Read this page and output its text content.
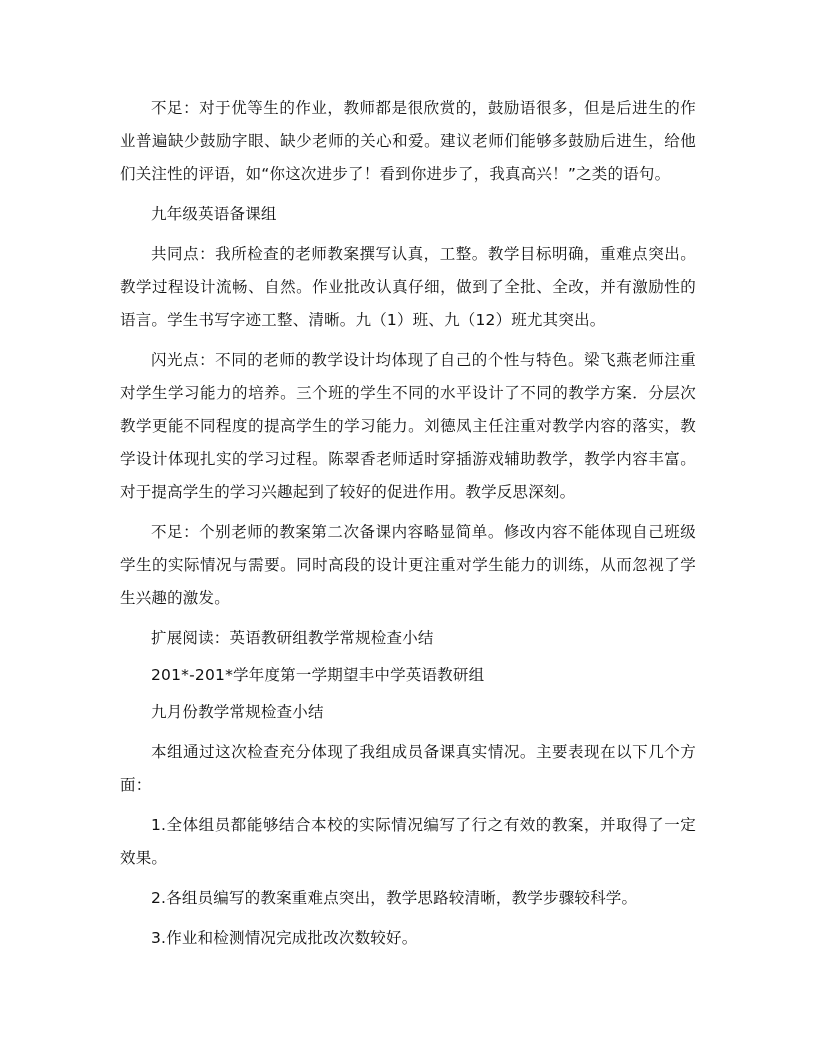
不足：对于优等生的作业，教师都是很欣赏的，鼓励语很多，但是后进生的作业普遍缺少鼓励字眼、缺少老师的关心和爱。建议老师们能够多鼓励后进生，给他们关注性的评语，如“你这次进步了！看到你进步了，我真高兴！”之类的语句。

九年级英语备课组

共同点：我所检查的老师教案撰写认真，工整。教学目标明确，重难点突出。教学过程设计流畅、自然。作业批改认真仔细，做到了全批、全改，并有激励性的语言。学生书写字迹工整、清晰。九（1）班、九（12）班尤其突出。

闪光点：不同的老师的教学设计均体现了自己的个性与特色。梁飞燕老师注重对学生学习能力的培养。三个班的学生不同的水平设计了不同的教学方案．分层次教学更能不同程度的提高学生的学习能力。刘德凤主任注重对教学内容的落实，教学设计体现扎实的学习过程。陈翠香老师适时穿插游戏辅助教学，教学内容丰富。对于提高学生的学习兴趣起到了较好的促进作用。教学反思深刻。

不足：个别老师的教案第二次备课内容略显简单。修改内容不能体现自己班级学生的实际情况与需要。同时高段的设计更注重对学生能力的训练，从而忽视了学生兴趣的激发。

扩展阅读：英语教研组教学常规检查小结

201*-201*学年度第一学期望丰中学英语教研组

九月份教学常规检查小结

本组通过这次检查充分体现了我组成员备课真实情况。主要表现在以下几个方面：

1.全体组员都能够结合本校的实际情况编写了行之有效的教案，并取得了一定效果。

2.各组员编写的教案重难点突出，教学思路较清晰，教学步骤较科学。

3.作业和检测情况完成批改次数较好。
